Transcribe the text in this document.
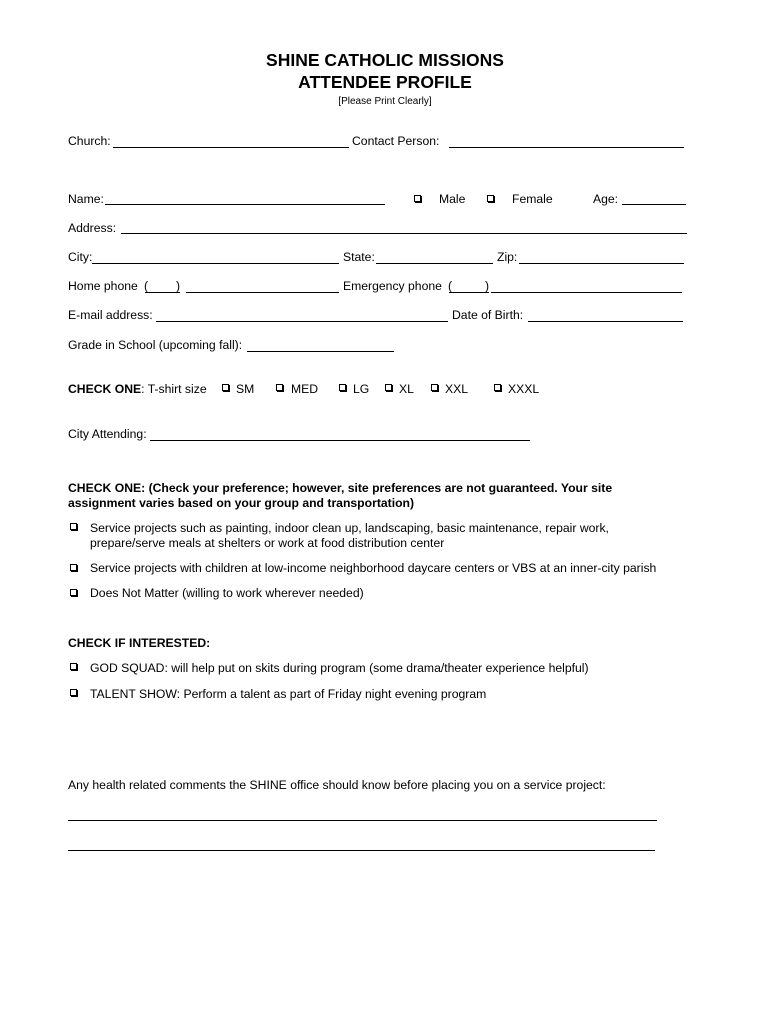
SHINE CATHOLIC MISSIONS
ATTENDEE PROFILE
[Please Print Clearly]
Church:	Contact Person:
Name:	Male	Female	Age:
Address:
City:	State:	Zip:
Home phone ( )	Emergency phone (	)
E-mail address:	Date of Birth:
Grade in School (upcoming fall):
CHECK ONE: T-shirt size SM	MED	LG XL	XXL	XXXL
City Attending:
CHECK ONE: (Check your preference; however, site preferences are not guaranteed. Your site
assignment varies based on your group and transportation)
Service projects such as painting, indoor clean up, landscaping, basic maintenance, repair work,
prepare/serve meals at shelters or work at food distribution center
Service projects with children at low-income neighborhood daycare centers or VBS at an inner-city parish
Does Not Matter (willing to work wherever needed)
CHECK IF INTERESTED:
GOD SQUAD: will help put on skits during program (some drama/theater experience helpful)
TALENT SHOW: Perform a talent as part of Friday night evening program
Any health related comments the SHINE office should know before placing you on a service project:
